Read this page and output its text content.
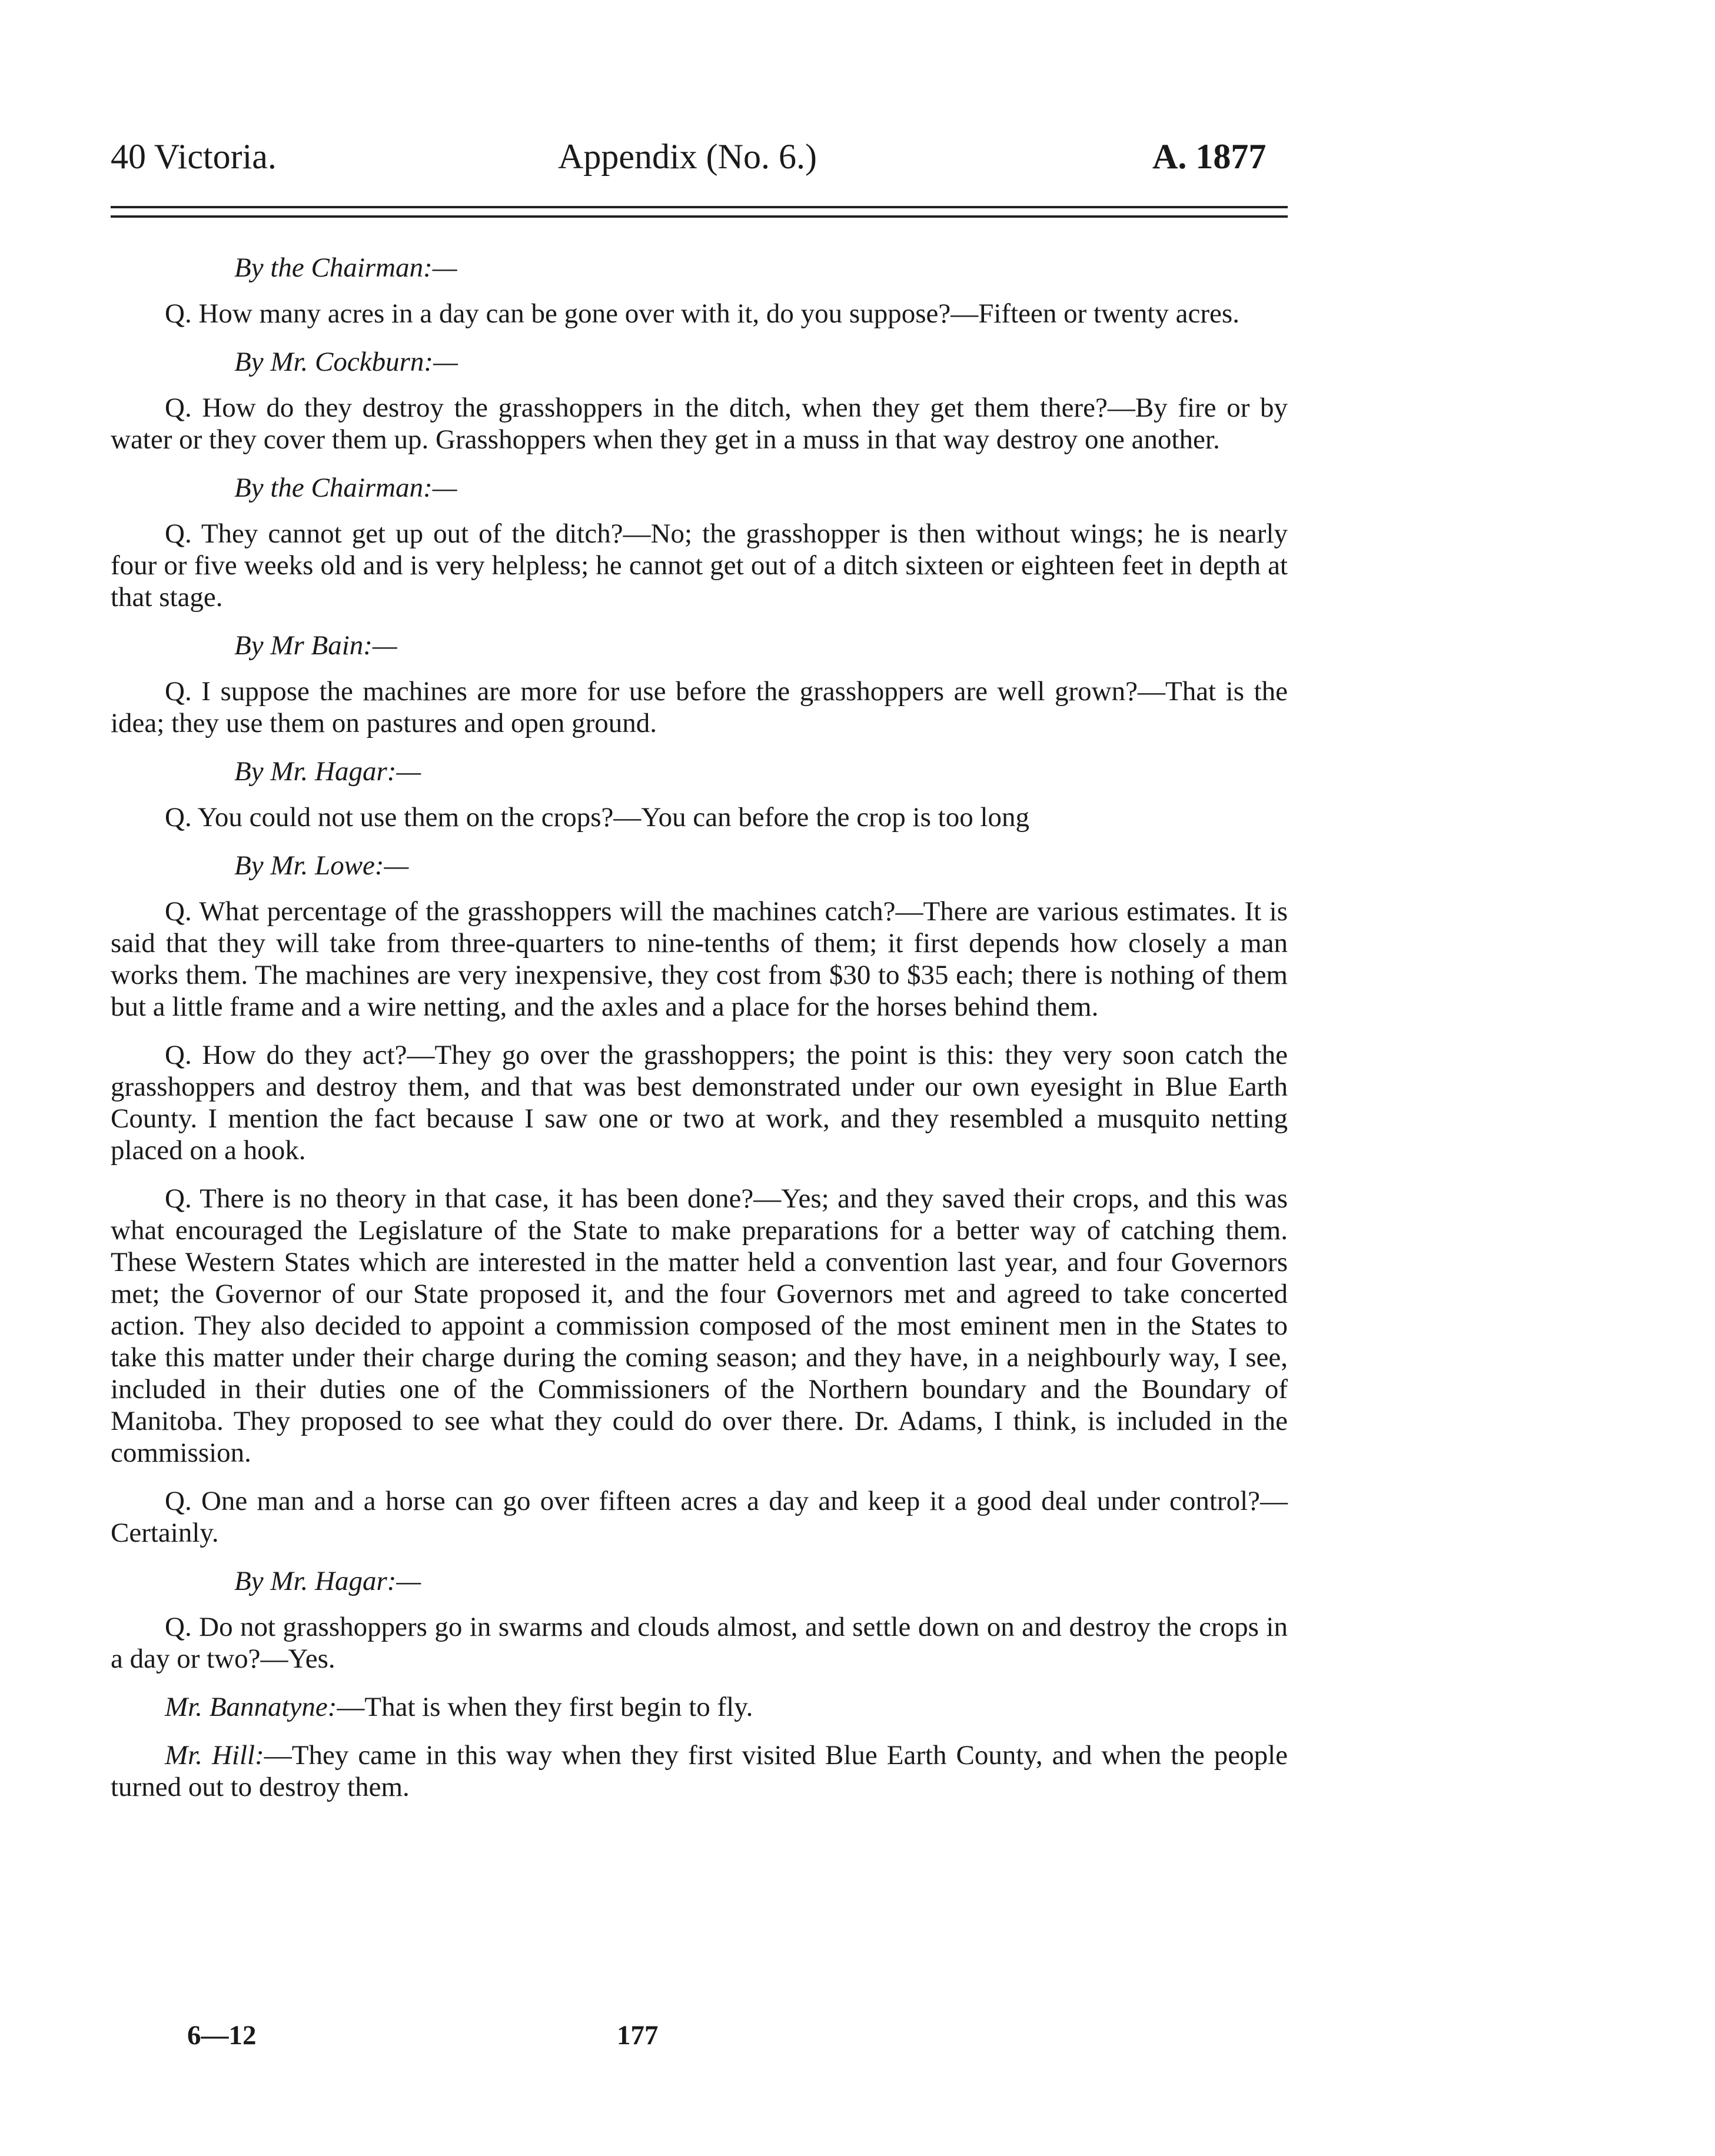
40 Victoria.	Appendix (No. 6.)	A. 1877

By the Chairman:—

Q. How many acres in a day can be gone over with it, do you suppose?—Fifteen or twenty acres.

By Mr. Cockburn:—

Q. How do they destroy the grasshoppers in the ditch, when they get them there?—By fire or by water or they cover them up. Grasshoppers when they get in a muss in that way destroy one another.

By the Chairman:—

Q. They cannot get up out of the ditch?—No; the grasshopper is then without wings; he is nearly four or five weeks old and is very helpless; he cannot get out of a ditch sixteen or eighteen feet in depth at that stage.

By Mr Bain:—

Q. I suppose the machines are more for use before the grasshoppers are well grown?—That is the idea; they use them on pastures and open ground.

By Mr. Hagar:—

Q. You could not use them on the crops?—You can before the crop is too long

By Mr. Lowe:—

Q. What percentage of the grasshoppers will the machines catch?—There are various estimates. It is said that they will take from three-quarters to nine-tenths of them; it first depends how closely a man works them. The machines are very inexpensive, they cost from $30 to $35 each; there is nothing of them but a little frame and a wire netting, and the axles and a place for the horses behind them.

Q. How do they act?—They go over the grasshoppers; the point is this: they very soon catch the grasshoppers and destroy them, and that was best demonstrated under our own eyesight in Blue Earth County. I mention the fact because I saw one or two at work, and they resembled a musquito netting placed on a hook.

Q. There is no theory in that case, it has been done?—Yes; and they saved their crops, and this was what encouraged the Legislature of the State to make preparations for a better way of catching them. These Western States which are interested in the matter held a convention last year, and four Governors met; the Governor of our State proposed it, and the four Governors met and agreed to take concerted action. They also decided to appoint a commission composed of the most eminent men in the States to take this matter under their charge during the coming season; and they have, in a neighbourly way, I see, included in their duties one of the Commissioners of the Northern boundary and the Boundary of Manitoba. They proposed to see what they could do over there. Dr. Adams, I think, is included in the commission.

Q. One man and a horse can go over fifteen acres a day and keep it a good deal under control?—Certainly.

By Mr. Hagar:—

Q. Do not grasshoppers go in swarms and clouds almost, and settle down on and destroy the crops in a day or two?—Yes.

Mr. Bannatyne:—That is when they first begin to fly.

Mr. Hill:—They came in this way when they first visited Blue Earth County, and when the people turned out to destroy them.

6—12	177
